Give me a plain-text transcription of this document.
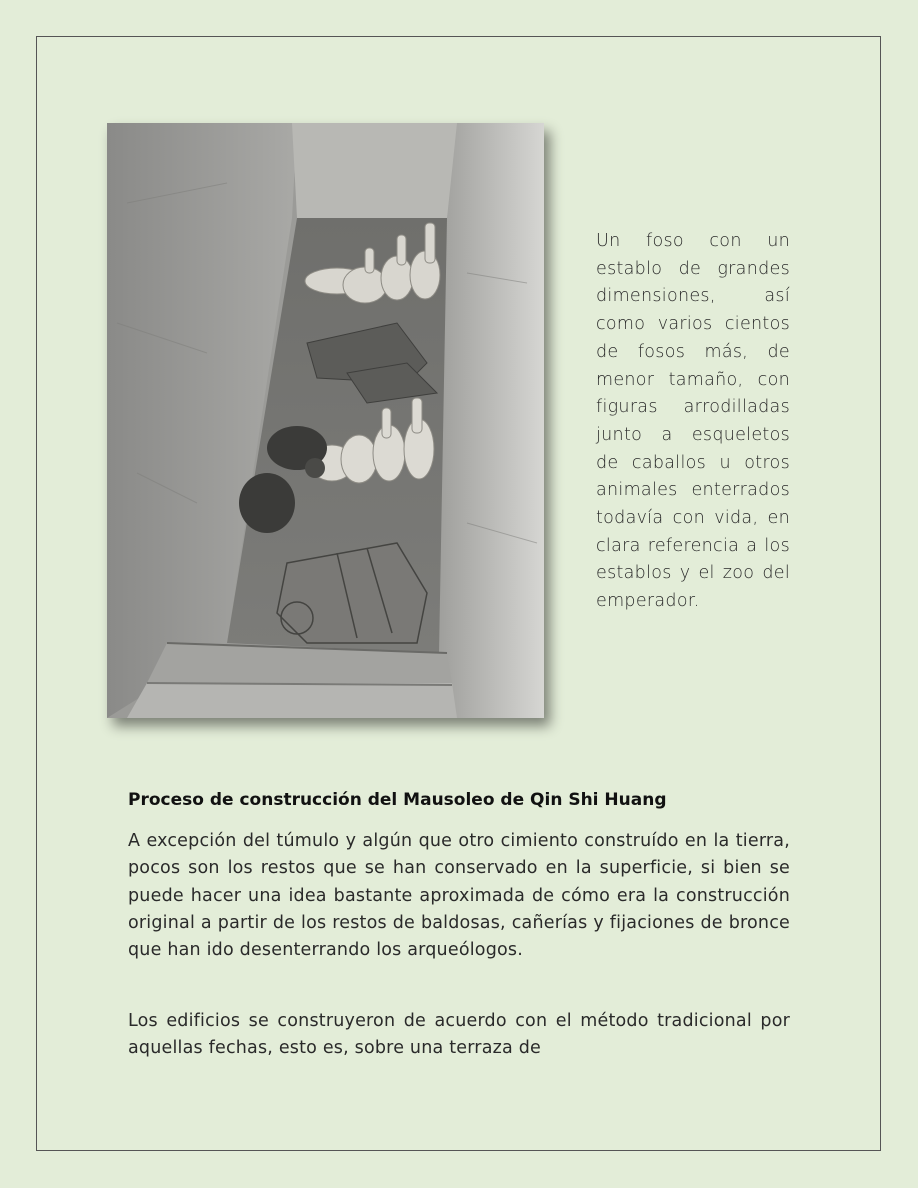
Un foso con un establo de grandes dimensiones, así como varios cientos de fosos más, de menor tamaño, con figuras arrodilladas junto a esqueletos de caballos u otros animales enterrados todavía con vida, en clara referencia a los establos y el zoo del emperador.

Proceso de construcción del Mausoleo de Qin Shi Huang

A excepción del túmulo y algún que otro cimiento construído en la tierra, pocos son los restos que se han conservado en la superficie, si bien se puede hacer una idea bastante aproximada de cómo era la construcción original a partir de los restos de baldosas, cañerías y fijaciones de bronce que han ido desenterrando los arqueólogos.

Los edificios se construyeron de acuerdo con el método tradicional por aquellas fechas, esto es, sobre una terraza de
